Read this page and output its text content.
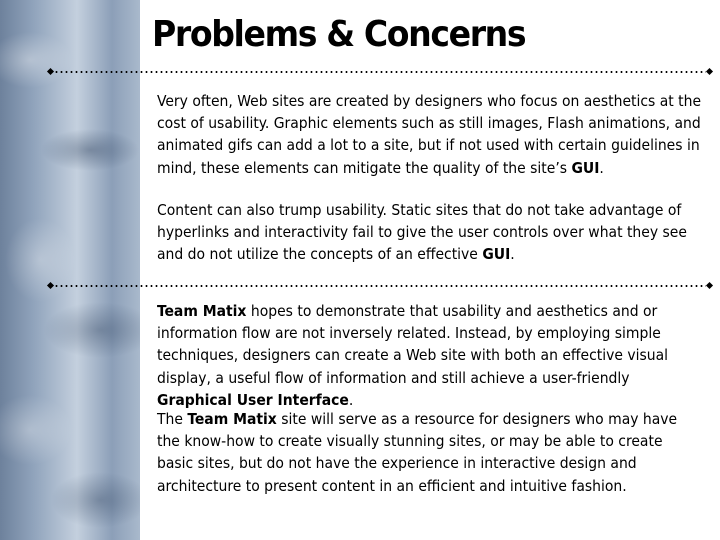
Problems & Concerns

Very often, Web sites are created by designers who focus on aesthetics at the cost of usability. Graphic elements such as still images, Flash animations, and animated gifs can add a lot to a site, but if not used with certain guidelines in mind, these elements can mitigate the quality of the site’s GUI.

Content can also trump usability. Static sites that do not take advantage of hyperlinks and interactivity fail to give the user controls over what they see and do not utilize the concepts of an effective GUI.

Team Matix hopes to demonstrate that usability and aesthetics and or information flow are not inversely related. Instead, by employing simple techniques, designers can create a Web site with both an effective visual display, a useful flow of information and still achieve a user-friendly Graphical User Interface.

The Team Matix site will serve as a resource for designers who may have the know-how to create visually stunning sites, or may be able to create basic sites, but do not have the experience in interactive design and architecture to present content in an efficient and intuitive fashion.
